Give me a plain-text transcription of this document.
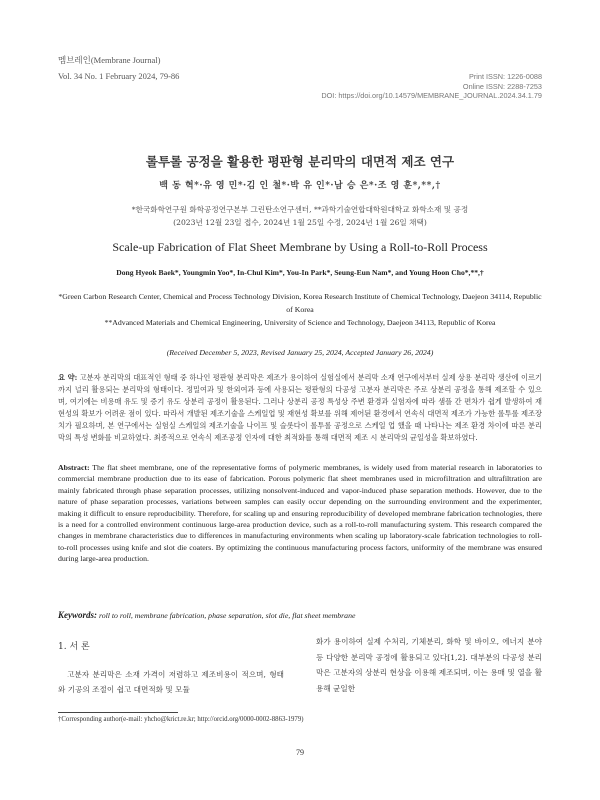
멤브레인(Membrane Journal)
Vol. 34 No. 1 February 2024, 79-86	Print ISSN: 1226-0088
Online ISSN: 2288-7253
DOI: https://doi.org/10.14579/MEMBRANE_JOURNAL.2024.34.1.79
롤투롤 공정을 활용한 평판형 분리막의 대면적 제조 연구
백 동 혁*·유 영 민*·김 인 철*·박 유 인*·남 승 은*·조 영 훈*,**,†
*한국화학연구원 화학공정연구본부 그린탄소연구센터, **과학기술연합대학원대학교 화학소재 및 공정
(2023년 12월 23일 접수, 2024년 1월 25일 수정, 2024년 1월 26일 채택)
Scale-up Fabrication of Flat Sheet Membrane by Using a Roll-to-Roll Process
Dong Hyeok Baek*, Youngmin Yoo*, In-Chul Kim*, You-In Park*, Seung-Eun Nam*, and Young Hoon Cho*,**,†
*Green Carbon Research Center, Chemical and Process Technology Division, Korea Research Institute of Chemical Technology, Daejeon 34114, Republic of Korea
**Advanced Materials and Chemical Engineering, University of Science and Technology, Daejeon 34113, Republic of Korea
(Received December 5, 2023, Revised January 25, 2024, Accepted January 26, 2024)
요 약: 고분자 분리막의 대표적인 형태 중 하나인 평판형 분리막은 제조가 용이하여 실험실에서 분리막 소재 연구에서부터 실제 상용 분리막 생산에 이르기까지 널리 활용되는 분리막의 형태이다. 정밀여과 및 한외여과 등에 사용되는 평판형의 다공성 고분자 분리막은 주로 상분리 공정을 통해 제조할 수 있으며, 여기에는 비용매 유도 및 증기 유도 상분리 공정이 활용된다. 그러나 상분리 공정 특성상 주변 환경과 실험자에 따라 샘플 간 편차가 쉽게 발생하여 재현성의 확보가 어려운 점이 있다. 따라서 개발된 제조기술을 스케일업 및 재현성 확보를 위해 제어된 환경에서 연속식 대면적 제조가 가능한 롤투롤 제조장치가 필요하며, 본 연구에서는 실험실 스케일의 제조기술을 나이프 및 슬롯다이 롤투롤 공정으로 스케일 업 했을 때 나타나는 제조 환경 차이에 따른 분리막의 특성 변화를 비교하였다. 최종적으로 연속식 제조공정 인자에 대한 최적화를 통해 대면적 제조 시 분리막의 균일성을 확보하였다.
Abstract: The flat sheet membrane, one of the representative forms of polymeric membranes, is widely used from material research in laboratories to commercial membrane production due to its ease of fabrication. Porous polymeric flat sheet membranes used in microfiltration and ultrafiltration are mainly fabricated through phase separation processes, utilizing nonsolvent-induced and vapor-induced phase separation methods. However, due to the nature of phase separation processes, variations between samples can easily occur depending on the surrounding environment and the experimenter, making it difficult to ensure reproducibility. Therefore, for scaling up and ensuring reproducibility of developed membrane fabrication technologies, there is a need for a controlled environment continuous large-area production device, such as a roll-to-roll manufacturing system. This research compared the changes in membrane characteristics due to differences in manufacturing environments when scaling up laboratory-scale fabrication technologies to roll-to-roll processes using knife and slot die coaters. By optimizing the continuous manufacturing process factors, uniformity of the membrane was ensured during large-area production.
Keywords: roll to roll, membrane fabrication, phase separation, slot die, flat sheet membrane
1. 서 론
고분자 분리막은 소재 가격이 저렴하고 제조비용이 적으며, 형태와 기공의 조절이 쉽고 대면적화 및 모듈
화가 용이하여 실제 수처리, 기체분리, 화학 및 바이오, 에너지 분야 등 다양한 분리막 공정에 활용되고 있다[1,2]. 대부분의 다공성 분리막은 고분자의 상분리 현상을 이용해 제조되며, 이는 용매 및 열을 활용해 균일한
†Corresponding author(e-mail: yhcho@krict.re.kr; http://orcid.org/0000-0002-8863-1979)
79
